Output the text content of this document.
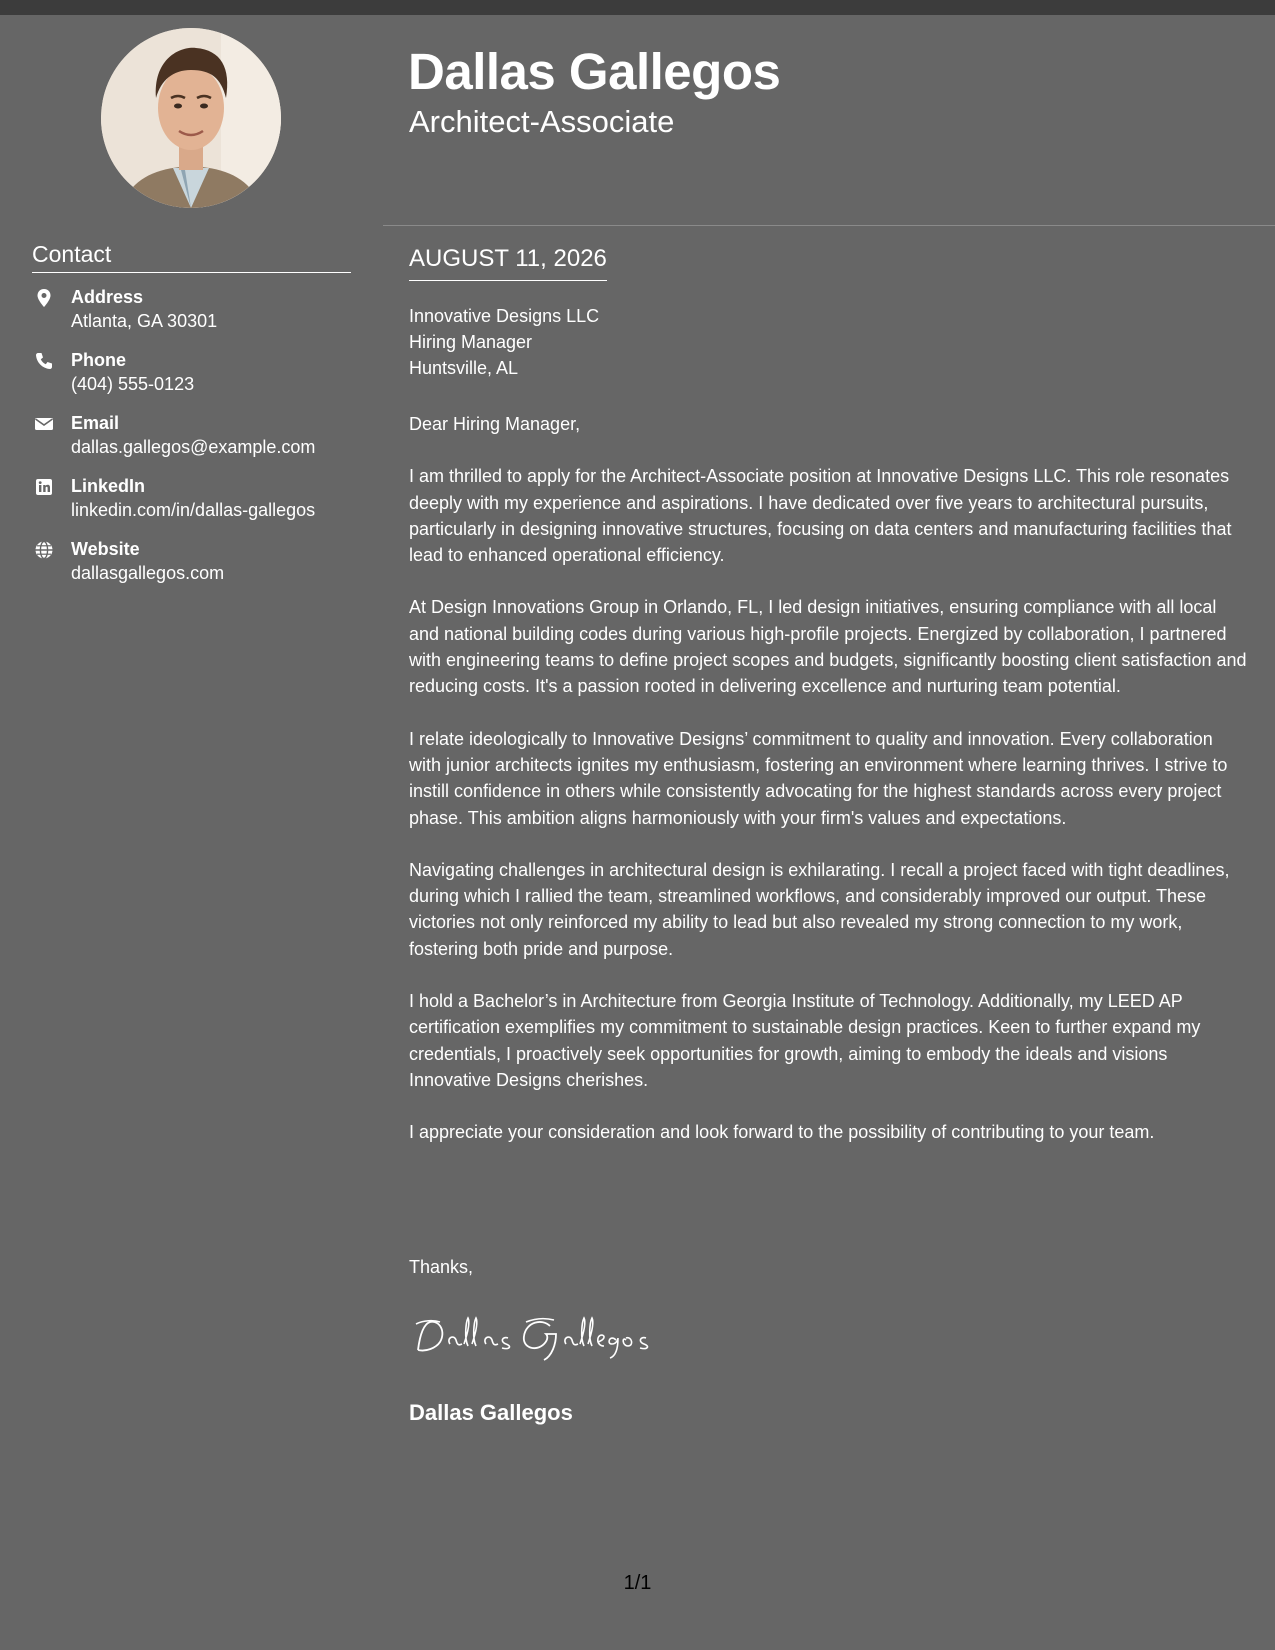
Contact
Address
Atlanta, GA 30301
Phone
(404) 555-0123
Email
dallas.gallegos@example.com
LinkedIn
linkedin.com/in/dallas-gallegos
Website
dallasgallegos.com
Dallas Gallegos
Architect-Associate
AUGUST 11, 2026
Innovative Designs LLC
Hiring Manager
Huntsville, AL
Dear Hiring Manager,

I am thrilled to apply for the Architect-Associate position at Innovative Designs LLC. This role resonates deeply with my experience and aspirations. I have dedicated over five years to architectural pursuits, particularly in designing innovative structures, focusing on data centers and manufacturing facilities that lead to enhanced operational efficiency.

At Design Innovations Group in Orlando, FL, I led design initiatives, ensuring compliance with all local and national building codes during various high-profile projects. Energized by collaboration, I partnered with engineering teams to define project scopes and budgets, significantly boosting client satisfaction and reducing costs. It's a passion rooted in delivering excellence and nurturing team potential.

I relate ideologically to Innovative Designs’ commitment to quality and innovation. Every collaboration with junior architects ignites my enthusiasm, fostering an environment where learning thrives. I strive to instill confidence in others while consistently advocating for the highest standards across every project phase. This ambition aligns harmoniously with your firm's values and expectations.

Navigating challenges in architectural design is exhilarating. I recall a project faced with tight deadlines, during which I rallied the team, streamlined workflows, and considerably improved our output. These victories not only reinforced my ability to lead but also revealed my strong connection to my work, fostering both pride and purpose.

I hold a Bachelor’s in Architecture from Georgia Institute of Technology. Additionally, my LEED AP certification exemplifies my commitment to sustainable design practices. Keen to further expand my credentials, I proactively seek opportunities for growth, aiming to embody the ideals and visions Innovative Designs cherishes.

I appreciate your consideration and look forward to the possibility of contributing to your team.

Thanks,
Dallas Gallegos
1/1
